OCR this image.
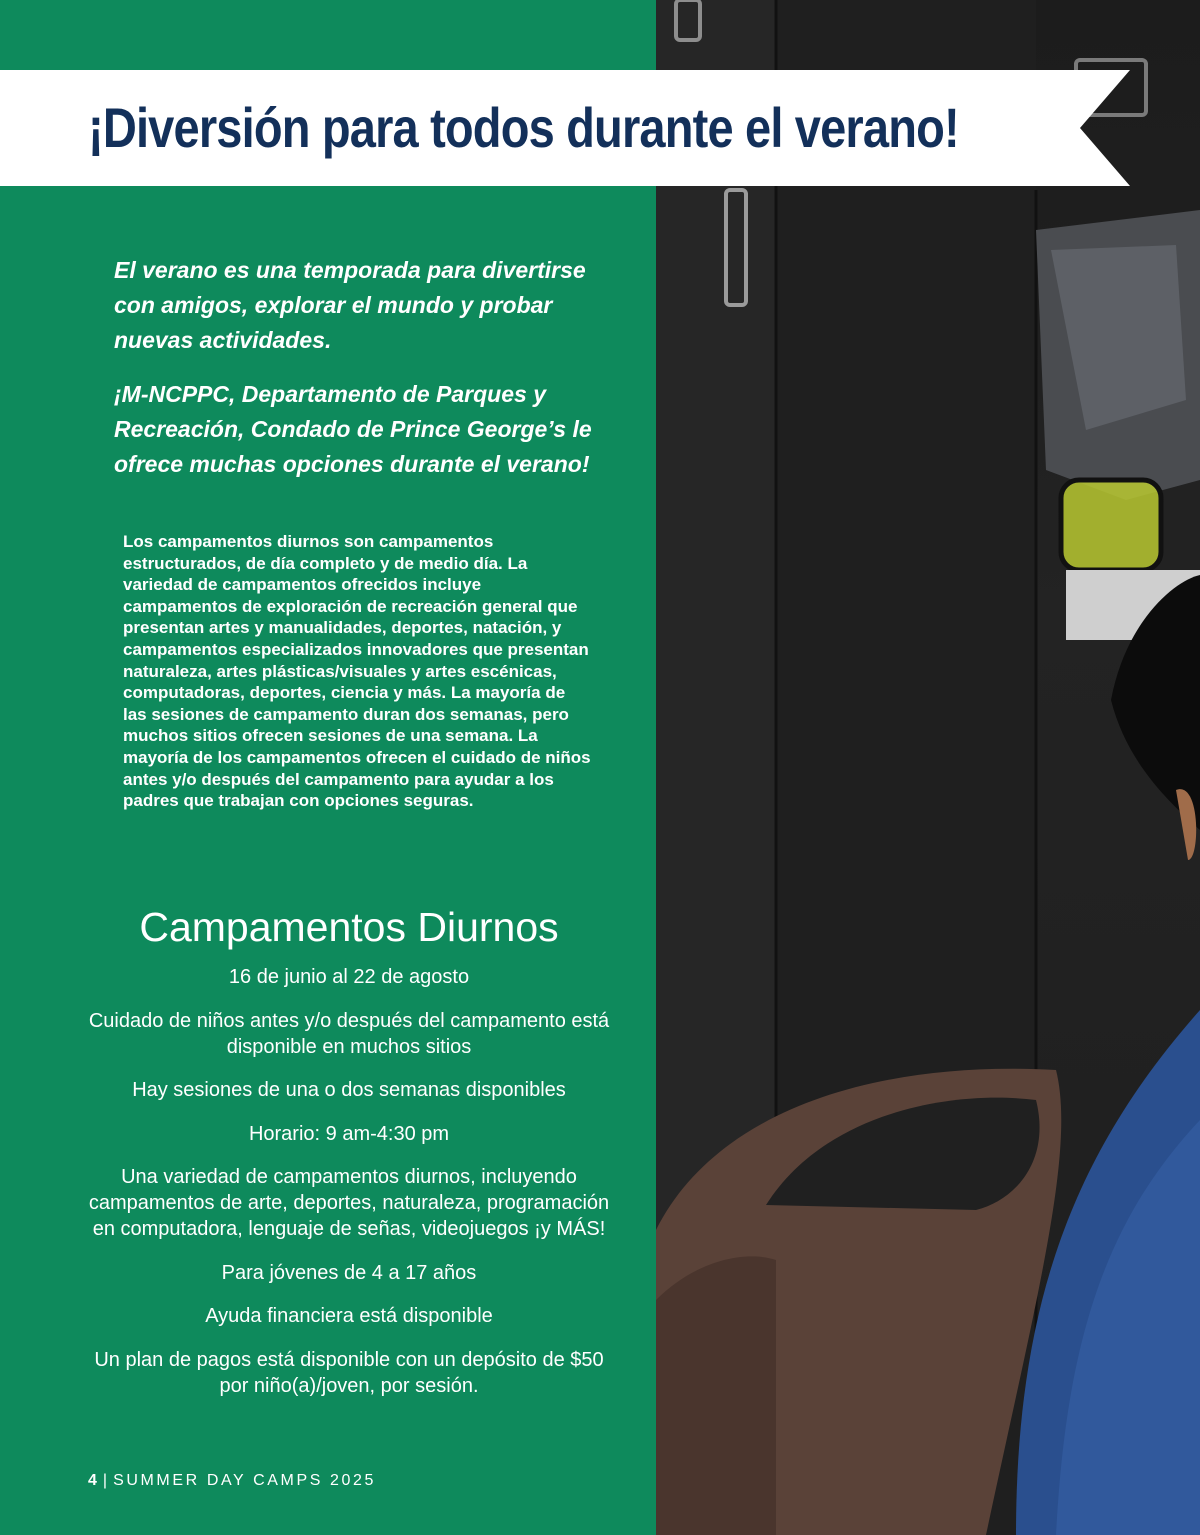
¡Diversión para todos durante el verano!

El verano es una temporada para divertirse con amigos, explorar el mundo y probar nuevas actividades.

¡M-NCPPC, Departamento de Parques y Recreación, Condado de Prince George’s le ofrece muchas opciones durante el verano!

Los campamentos diurnos son campamentos estructurados, de día completo y de medio día. La variedad de campamentos ofrecidos incluye campamentos de exploración de recreación general que presentan artes y manualidades, deportes, natación, y campamentos especializados innovadores que presentan naturaleza, artes plásticas/visuales y artes escénicas, computadoras, deportes, ciencia y más. La mayoría de las sesiones de campamento duran dos semanas, pero muchos sitios ofrecen sesiones de una semana. La mayoría de los campamentos ofrecen el cuidado de niños antes y/o después del campamento para ayudar a los padres que trabajan con opciones seguras.

Campamentos Diurnos
16 de junio al 22 de agosto
Cuidado de niños antes y/o después del campamento está disponible en muchos sitios
Hay sesiones de una o dos semanas disponibles
Horario: 9 am-4:30 pm
Una variedad de campamentos diurnos, incluyendo campamentos de arte, deportes, naturaleza, programación en computadora, lenguaje de señas, videojuegos ¡y MÁS!
Para jóvenes de 4 a 17 años
Ayuda financiera está disponible
Un plan de pagos está disponible con un depósito de $50 por niño(a)/joven, por sesión.

4 | SUMMER DAY CAMPS 2025
